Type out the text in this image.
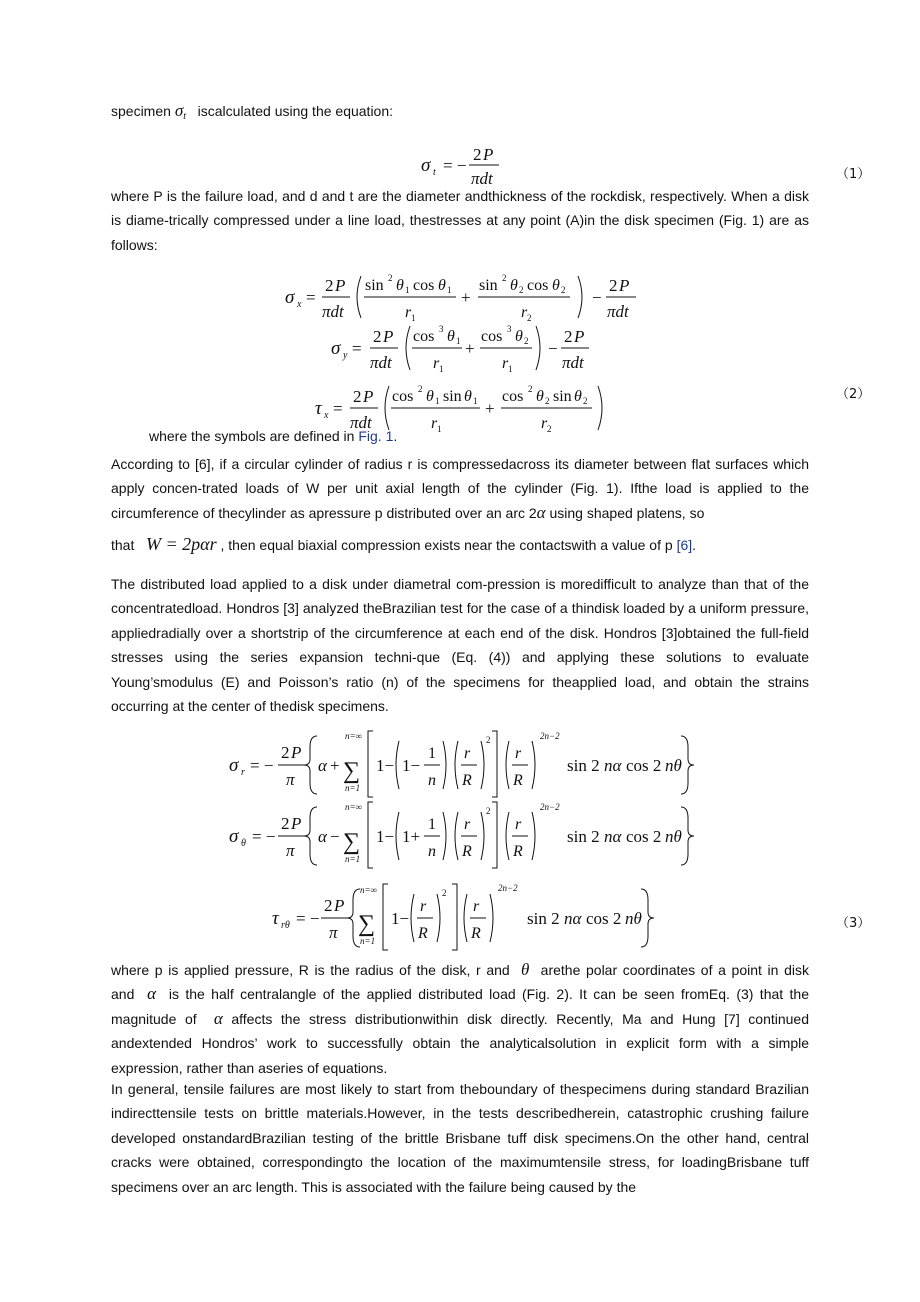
specimen $\sigma_t$ iscalculated using the equation:

σ t = −
2 P
πdt	（1）

where P is the failure load, and d and t are the diameter andthickness of the rockdisk, respectively. When a disk is diame-trically compressed under a line load, thestresses at any point (A)in the disk specimen (Fig. 1) are as follows:

σ x =
2 P
πdt
sin 2 θ 1 cos θ 1
r 1
+
sin 2 θ 2 cos θ 2
r 2
−
2 P
πdt
σ y =
2 P
πdt
cos 3 θ 1
r 1
+
cos 3 θ 2
r 1
−
2 P
πdt
τ x =
2 P
πdt
cos 2 θ 1 sin θ 1
r 1
+
cos 2 θ 2 sin θ 2
r 2
（2）

where the symbols are defined in Fig. 1.

According to [6], if a circular cylinder of radius r is compressedacross its diameter between flat surfaces which apply concen-trated loads of W per unit axial length of the cylinder (Fig. 1). Ifthe load is applied to the circumference of thecylinder as apressure p distributed over an arc 2α using shaped platens, so

that W = 2pαr , then equal biaxial compression exists near the contactswith a value of p [6].

The distributed load applied to a disk under diametral com-pression is moredifficult to analyze than that of the concentratedload. Hondros [3] analyzed theBrazilian test for the case of a thindisk loaded by a uniform pressure, appliedradially over a shortstrip of the circumference at each end of the disk. Hondros [3]obtained the full-field stresses using the series expansion techni-que (Eq. (4)) and applying these solutions to evaluate Young’smodulus (E) and Poisson’s ratio (n) of the specimens for theapplied load, and obtain the strains occurring at the center of thedisk specimens.

σ r = −
2 P
π
α +
n=∞
∑
n=1
1− 1−
1
n
r
R
2
r
R
2n−2
sin 2 nα cos 2 nθ
σ θ = −
2 P
π
α −
n=∞
∑
n=1
1− 1+
1
n
r
R
2
r
R
2n−2
sin 2 nα cos 2 nθ
τ rθ = −
2 P
π
n=∞
∑
n=1
1−
r
R
2
r
R
2n−2
sin 2 nα cos 2 nθ	（3）

where p is applied pressure, R is the radius of the disk, r and θ arethe polar coordinates of a point in disk and α is the half centralangle of the applied distributed load (Fig. 2). It can be seen fromEq. (3) that the magnitude of α affects the stress distributionwithin disk directly. Recently, Ma and Hung [7] continued andextended Hondros’ work to successfully obtain the analyticalsolution in explicit form with a simple expression, rather than aseries of equations.

In general, tensile failures are most likely to start from theboundary of thespecimens during standard Brazilian indirecttensile tests on brittle materials.However, in the tests describedherein, catastrophic crushing failure developed onstandardBrazilian testing of the brittle Brisbane tuff disk specimens.On the other hand, central cracks were obtained, correspondingto the location of the maximumtensile stress, for loadingBrisbane tuff specimens over an arc length. This is associated with the failure being caused by the
